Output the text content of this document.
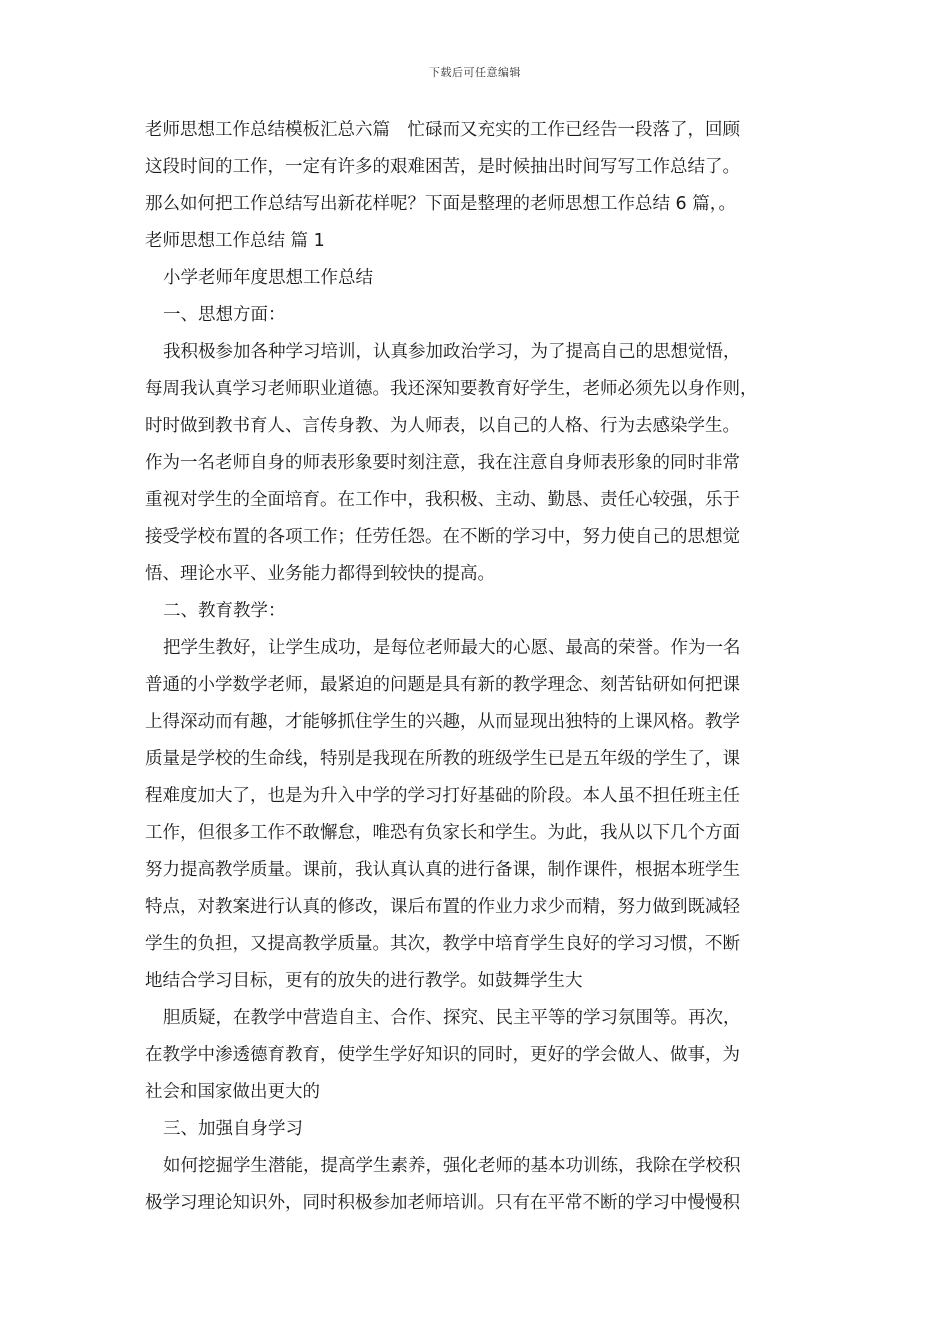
下载后可任意编辑
老师思想工作总结模板汇总六篇　忙碌而又充实的工作已经告一段落了，回顾
这段时间的工作，一定有许多的艰难困苦，是时候抽出时间写写工作总结了。
那么如何把工作总结写出新花样呢？下面是整理的老师思想工作总结 6 篇，。
老师思想工作总结 篇 1
小学老师年度思想工作总结
一、思想方面：
我积极参加各种学习培训，认真参加政治学习，为了提高自己的思想觉悟，
每周我认真学习老师职业道德。我还深知要教育好学生，老师必须先以身作则，
时时做到教书育人、言传身教、为人师表，以自己的人格、行为去感染学生。
作为一名老师自身的师表形象要时刻注意，我在注意自身师表形象的同时非常
重视对学生的全面培育。在工作中，我积极、主动、勤恳、责任心较强，乐于
接受学校布置的各项工作；任劳任怨。在不断的学习中，努力使自己的思想觉
悟、理论水平、业务能力都得到较快的提高。
二、教育教学：
把学生教好，让学生成功，是每位老师最大的心愿、最高的荣誉。作为一名
普通的小学数学老师，最紧迫的问题是具有新的教学理念、刻苦钻研如何把课
上得深动而有趣，才能够抓住学生的兴趣，从而显现出独特的上课风格。教学
质量是学校的生命线，特别是我现在所教的班级学生已是五年级的学生了，课
程难度加大了，也是为升入中学的学习打好基础的阶段。本人虽不担任班主任
工作，但很多工作不敢懈怠，唯恐有负家长和学生。为此，我从以下几个方面
努力提高教学质量。课前，我认真认真的进行备课，制作课件，根据本班学生
特点，对教案进行认真的修改，课后布置的作业力求少而精，努力做到既减轻
学生的负担，又提高教学质量。其次，教学中培育学生良好的学习习惯，不断
地结合学习目标，更有的放失的进行教学。如鼓舞学生大
胆质疑，在教学中营造自主、合作、探究、民主平等的学习氛围等。再次，
在教学中渗透德育教育，使学生学好知识的同时，更好的学会做人、做事，为
社会和国家做出更大的
三、加强自身学习
如何挖掘学生潜能，提高学生素养，强化老师的基本功训练，我除在学校积
极学习理论知识外，同时积极参加老师培训。只有在平常不断的学习中慢慢积
